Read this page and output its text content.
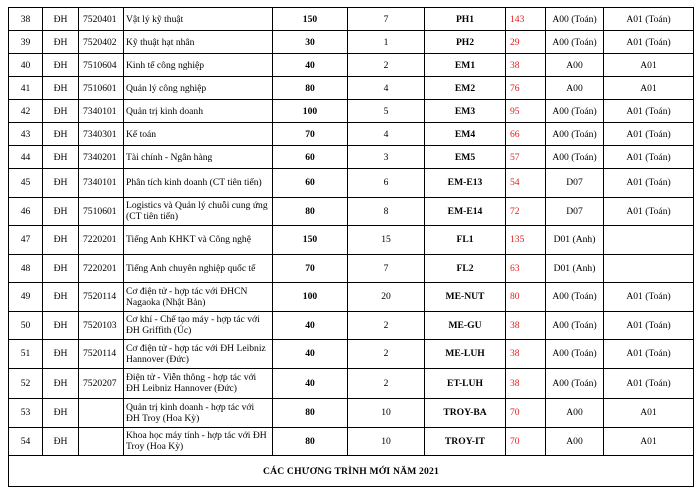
38	ĐH	7520401	Vật lý kỹ thuật	150	7	PH1	143	A00 (Toán)	A01 (Toán)	
39	ĐH	7520402	Kỹ thuật hạt nhân	30	1	PH2	29	A00 (Toán)	A01 (Toán)	
40	ĐH	7510604	Kinh tế công nghiệp	40	2	EM1	38	A00	A01	
41	ĐH	7510601	Quản lý công nghiệp	80	4	EM2	76	A00	A01	
42	ĐH	7340101	Quản trị kinh doanh	100	5	EM3	95	A00 (Toán)	A01 (Toán)	
43	ĐH	7340301	Kế toán	70	4	EM4	66	A00 (Toán)	A01 (Toán)	
44	ĐH	7340201	Tài chính - Ngân hàng	60	3	EM5	57	A00 (Toán)	A01 (Toán)	
45	ĐH	7340101	Phân tích kinh doanh (CT tiên tiến)	60	6	EM-E13	54	D07	A01 (Toán)	
46	ĐH	7510601	Logistics và Quản lý chuỗi cung ứng (CT tiên tiến)	80	8	EM-E14	72	D07	A01 (Toán)	
47	ĐH	7220201	Tiếng Anh KHKT và Công nghệ	150	15	FL1	135	D01 (Anh)		
48	ĐH	7220201	Tiếng Anh chuyên nghiệp quốc tế	70	7	FL2	63	D01 (Anh)		
49	ĐH	7520114	Cơ điện tử - hợp tác với ĐHCN Nagaoka (Nhật Bản)	100	20	ME-NUT	80	A00 (Toán)	A01 (Toán)	
50	ĐH	7520103	Cơ khí - Chế tạo máy - hợp tác với ĐH Griffith (Úc)	40	2	ME-GU	38	A00 (Toán)	A01 (Toán)	
51	ĐH	7520114	Cơ điện tử - hợp tác với ĐH Leibniz Hannover (Đức)	40	2	ME-LUH	38	A00 (Toán)	A01 (Toán)	
52	ĐH	7520207	Điện tử - Viễn thông - hợp tác với ĐH Leibniz Hannover (Đức)	40	2	ET-LUH	38	A00 (Toán)	A01 (Toán)	
53	ĐH		Quản trị kinh doanh - hợp tác với ĐH Troy (Hoa Kỳ)	80	10	TROY-BA	70	A00	A01	
54	ĐH		Khoa học máy tính - hợp tác với ĐH Troy (Hoa Kỳ)	80	10	TROY-IT	70	A00	A01	
CÁC CHƯƠNG TRÌNH MỚI NĂM 2021										
